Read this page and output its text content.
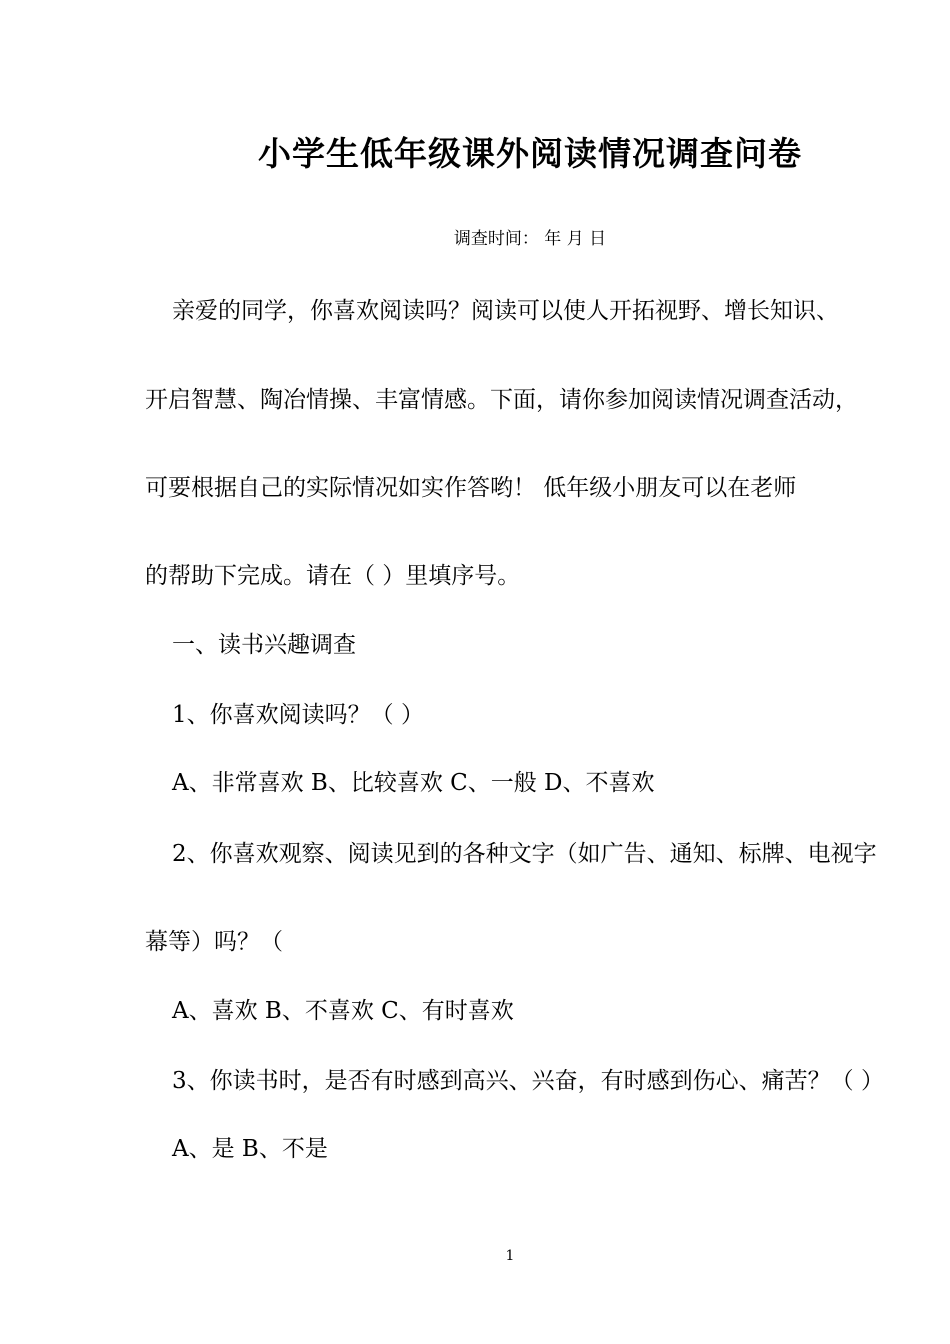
小学生低年级课外阅读情况调查问卷
调查时间： 年 月 日
亲爱的同学，你喜欢阅读吗？阅读可以使人开拓视野、增长知识、
开启智慧、陶冶情操、丰富情感。下面，请你参加阅读情况调查活动，
可要根据自己的实际情况如实作答哟！ 低年级小朋友可以在老师
的帮助下完成。请在（ ）里填序号。
一、读书兴趣调查
1、你喜欢阅读吗？（ ）
A、非常喜欢 B、比较喜欢 C、一般 D、不喜欢
2、你喜欢观察、阅读见到的各种文字（如广告、通知、标牌、电视字
幕等）吗？（
A、喜欢 B、不喜欢 C、有时喜欢
3、你读书时，是否有时感到高兴、兴奋，有时感到伤心、痛苦？（ ）
A、是 B、不是
1
